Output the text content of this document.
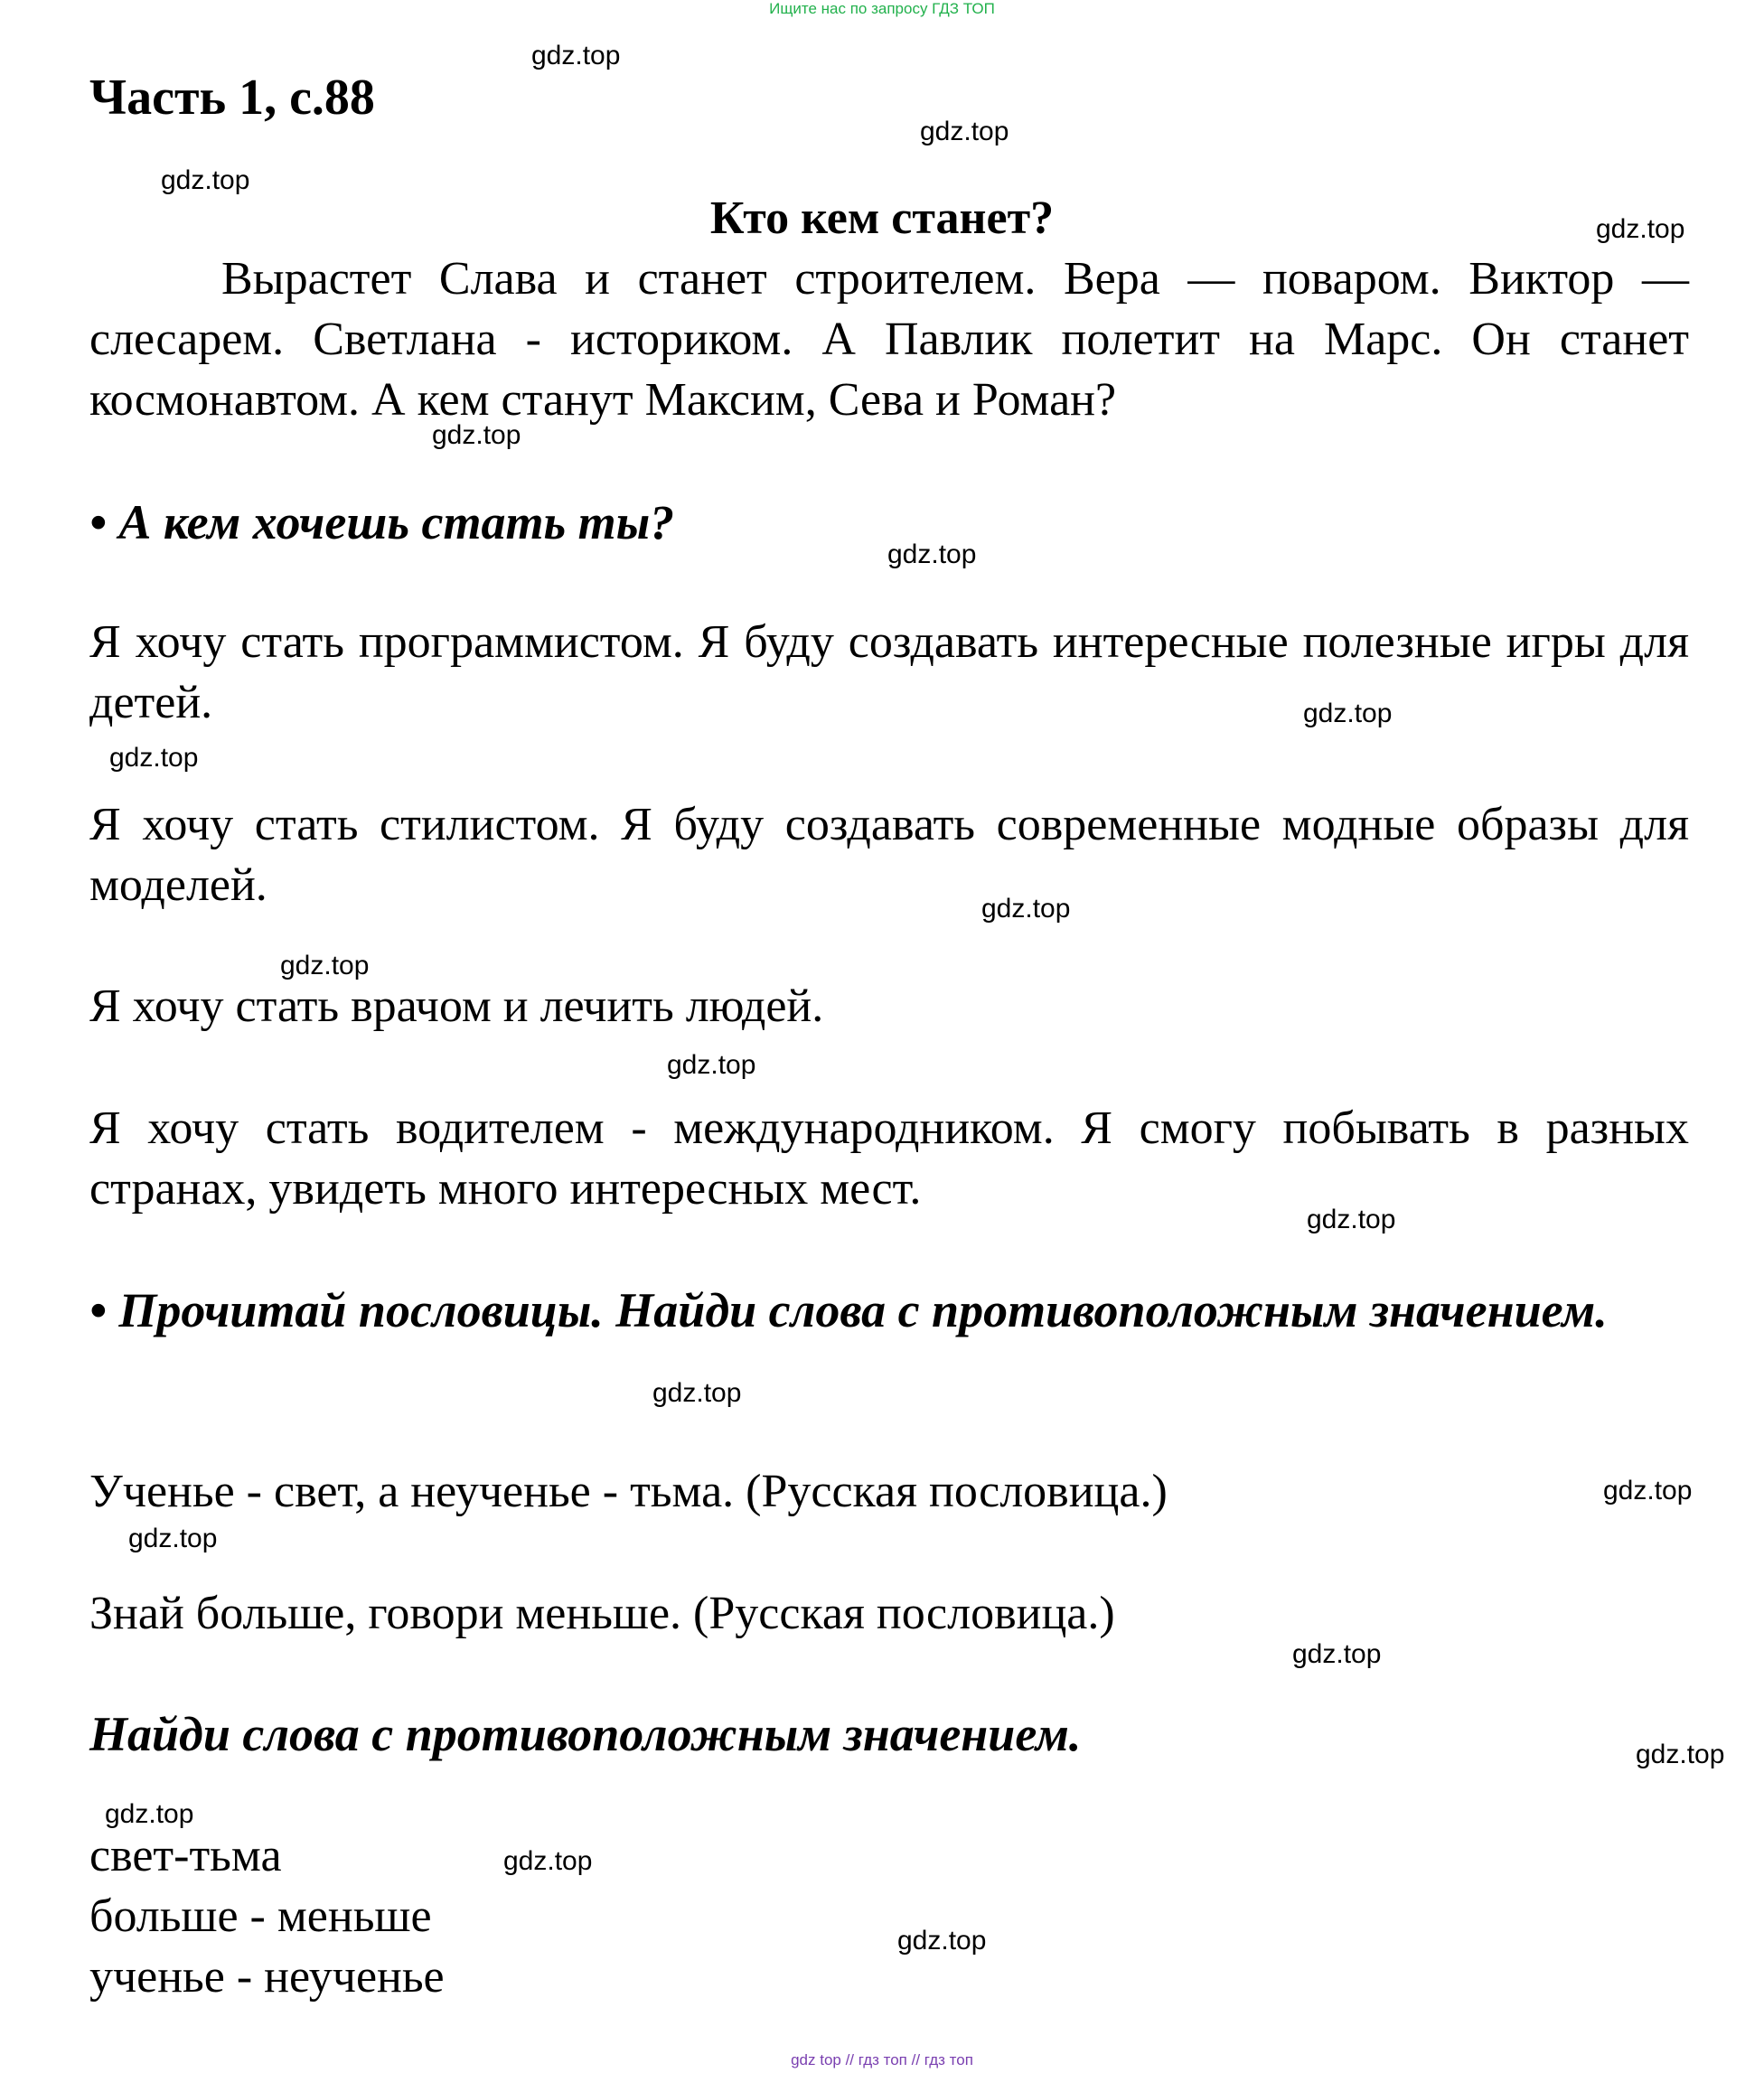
Ищите нас по запросу ГДЗ ТОП
gdz.top
gdz.top
gdz.top
gdz.top
gdz.top
gdz.top
gdz.top
gdz.top
gdz.top
gdz.top
gdz.top
gdz.top
gdz.top
gdz.top
gdz.top
gdz.top
gdz.top
gdz.top
gdz.top
gdz.top
Часть 1, с.88
Кто кем станет?
Вырастет Слава и станет строителем. Вера — поваром. Виктор — слесарем. Светлана - историком. А Павлик полетит на Марс. Он станет космонавтом. А кем станут Максим, Сева и Роман?
• А кем хочешь стать ты?
Я хочу стать программистом. Я буду создавать интересные полезные игры для детей.
Я хочу стать стилистом. Я буду создавать современные модные образы для моделей.
Я хочу стать врачом и лечить людей.
Я хочу стать водителем - международником. Я смогу побывать в разных странах, увидеть много интересных мест.
• Прочитай пословицы. Найди слова с противоположным значением.
Ученье - свет, а неученье - тьма. (Русская пословица.)
Знай больше, говори меньше. (Русская пословица.)
Найди слова с противоположным значением.
свет-тьма
больше - меньше
ученье - неученье
gdz top // гдз топ // гдз топ
